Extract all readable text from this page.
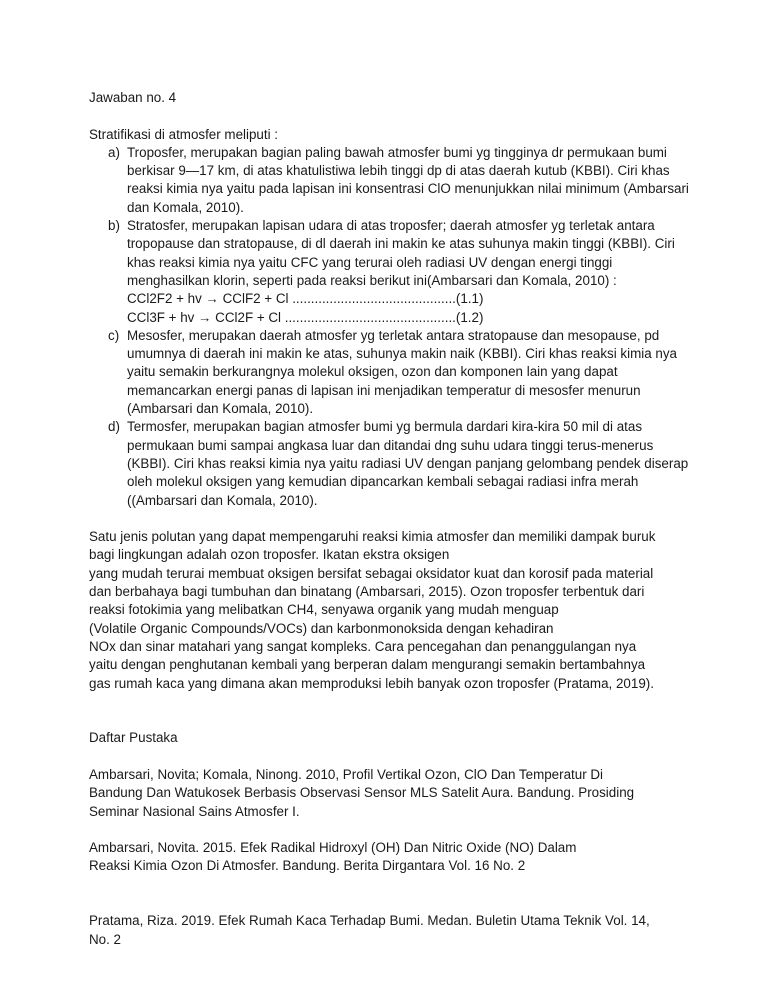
Jawaban no. 4

Stratifikasi di atmosfer meliputi :

a) Troposfer, merupakan bagian paling bawah atmosfer bumi yg tingginya dr permukaan bumi berkisar 9—17 km, di atas khatulistiwa lebih tinggi dp di atas daerah kutub (KBBI). Ciri khas reaksi kimia nya yaitu pada lapisan ini konsentrasi ClO menunjukkan nilai minimum (Ambarsari dan Komala, 2010).
b) Stratosfer, merupakan lapisan udara di atas troposfer; daerah atmosfer yg terletak antara tropopause dan stratopause, di dl daerah ini makin ke atas suhunya makin tinggi (KBBI). Ciri khas reaksi kimia nya yaitu CFC yang terurai oleh radiasi UV dengan energi tinggi menghasilkan klorin, seperti pada reaksi berikut ini(Ambarsari dan Komala, 2010) :
CCl2F2 + hv → CClF2 + Cl ............................................(1.1)
CCl3F + hv → CCl2F + Cl ..............................................(1.2)
c) Mesosfer, merupakan daerah atmosfer yg terletak antara stratopause dan mesopause, pd umumnya di daerah ini makin ke atas, suhunya makin naik (KBBI). Ciri khas reaksi kimia nya yaitu semakin berkurangnya molekul oksigen, ozon dan komponen lain yang dapat memancarkan energi panas di lapisan ini menjadikan temperatur di mesosfer menurun (Ambarsari dan Komala, 2010).
d) Termosfer, merupakan bagian atmosfer bumi yg bermula dardari kira-kira 50 mil di atas permukaan bumi sampai angkasa luar dan ditandai dng suhu udara tinggi terus-menerus (KBBI). Ciri khas reaksi kimia nya yaitu radiasi UV dengan panjang gelombang pendek diserap oleh molekul oksigen yang kemudian dipancarkan kembali sebagai radiasi infra merah ((Ambarsari dan Komala, 2010).

Satu jenis polutan yang dapat mempengaruhi reaksi kimia atmosfer dan memiliki dampak buruk
bagi lingkungan adalah ozon troposfer. Ikatan ekstra oksigen
yang mudah terurai membuat oksigen bersifat sebagai oksidator kuat dan korosif pada material
dan berbahaya bagi tumbuhan dan binatang (Ambarsari, 2015). Ozon troposfer terbentuk dari
reaksi fotokimia yang melibatkan CH4, senyawa organik yang mudah menguap
(Volatile Organic Compounds/VOCs) dan karbonmonoksida dengan kehadiran
NOx dan sinar matahari yang sangat kompleks. Cara pencegahan dan penanggulangan nya
yaitu dengan penghutanan kembali yang berperan dalam mengurangi semakin bertambahnya
gas rumah kaca yang dimana akan memproduksi lebih banyak ozon troposfer (Pratama, 2019).

Daftar Pustaka

Ambarsari, Novita; Komala, Ninong. 2010, Profil Vertikal Ozon, ClO Dan Temperatur Di
Bandung Dan Watukosek Berbasis Observasi Sensor MLS Satelit Aura. Bandung. Prosiding
Seminar Nasional Sains Atmosfer I.

Ambarsari, Novita. 2015. Efek Radikal Hidroxyl (OH) Dan Nitric Oxide (NO) Dalam
Reaksi Kimia Ozon Di Atmosfer. Bandung. Berita Dirgantara Vol. 16 No. 2

Pratama, Riza. 2019. Efek Rumah Kaca Terhadap Bumi. Medan. Buletin Utama Teknik Vol. 14,
No. 2
